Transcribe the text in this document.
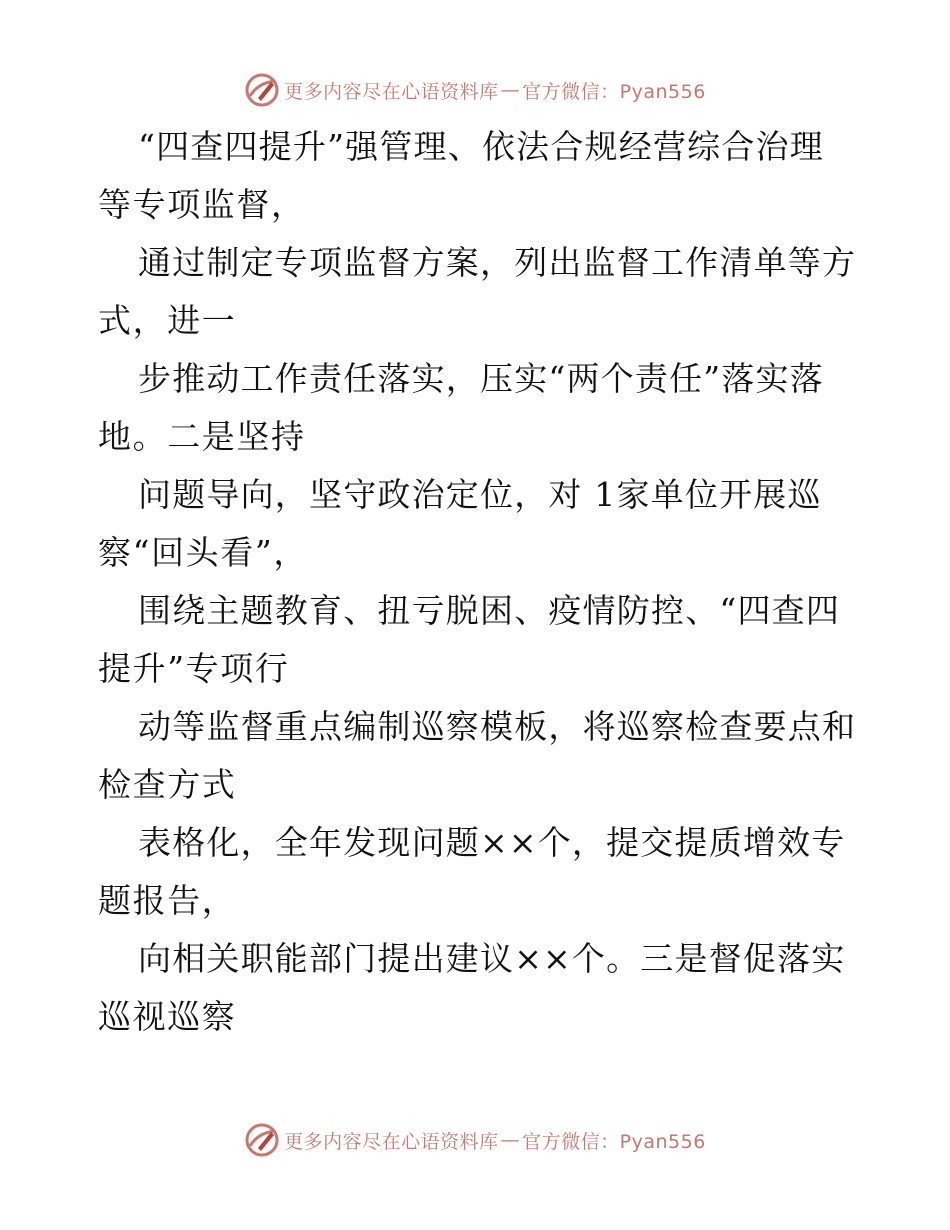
更多内容尽在心语资料库 — 官方微信：Pyan556
“四查四提升”强管理、依法合规经营综合治理
等专项监督，
通过制定专项监督方案，列出监督工作清单等方
式，进一
步推动工作责任落实，压实“两个责任”落实落
地。二是坚持
问题导向，坚守政治定位，对 1家单位开展巡
察“回头看”，
围绕主题教育、扭亏脱困、疫情防控、“四查四
提升”专项行
动等监督重点编制巡察模板，将巡察检查要点和
检查方式
表格化，全年发现问题××个，提交提质增效专
题报告，
向相关职能部门提出建议××个。三是督促落实
巡视巡察
更多内容尽在心语资料库 — 官方微信：Pyan556
